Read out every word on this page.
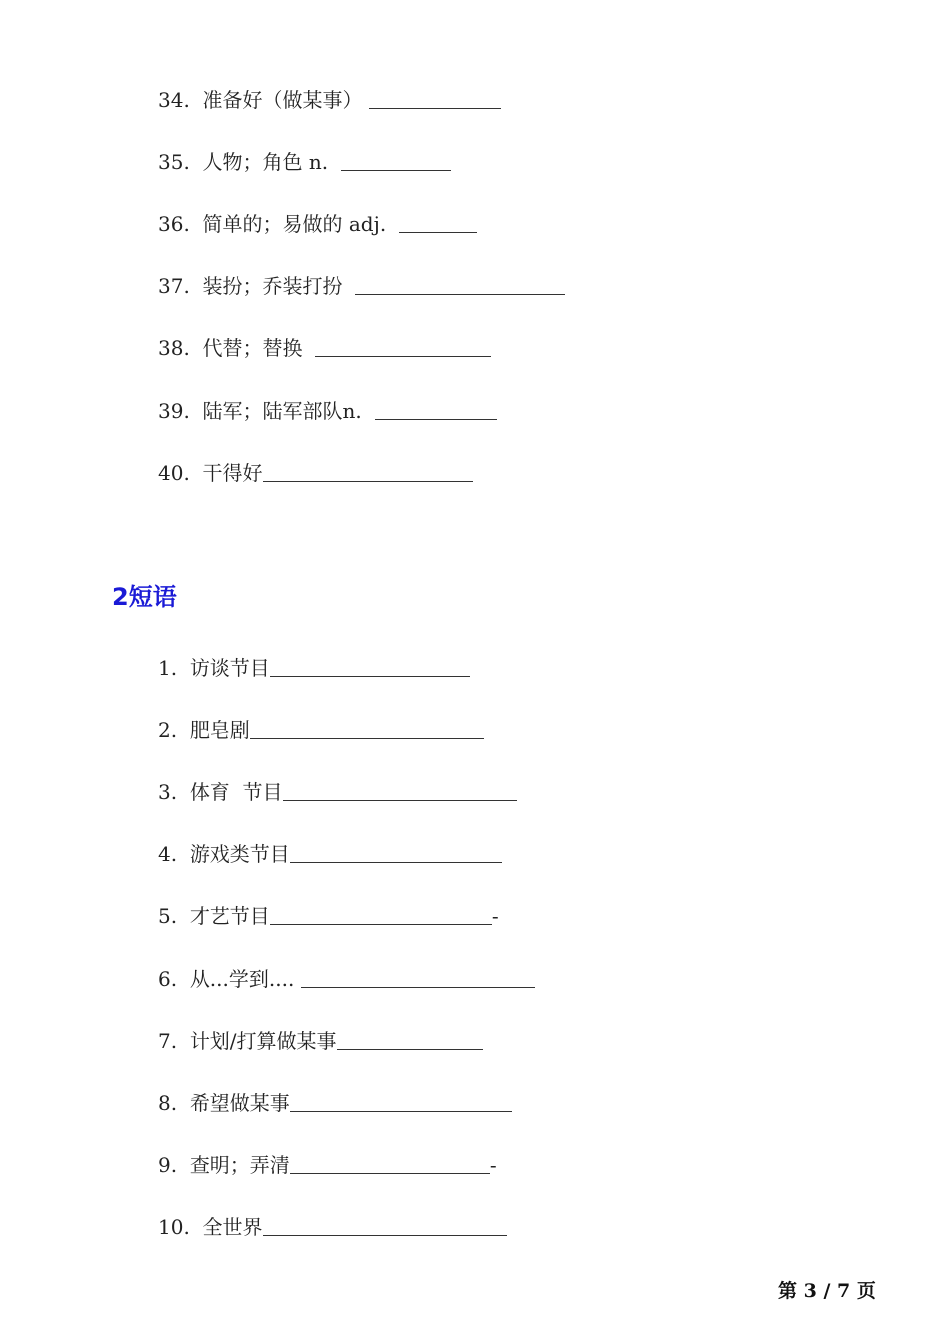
34.
准备好（做某事）

35.
人物；角色 n.

36.
简单的；易做的 adj.

37.
装扮；乔装打扮

38.
代替；替换

39.
陆军；陆军部队n.

40.
干得好
2短语
1.
访谈节目
2.
肥皂剧
3.
体育  节目
4.
游戏类节目
5.
才艺节目	-
6.
从...学到....

7.
计划/打算做某事
8.
希望做某事
9.
查明；弄清	-
10.
全世界
第 3 / 7 页
